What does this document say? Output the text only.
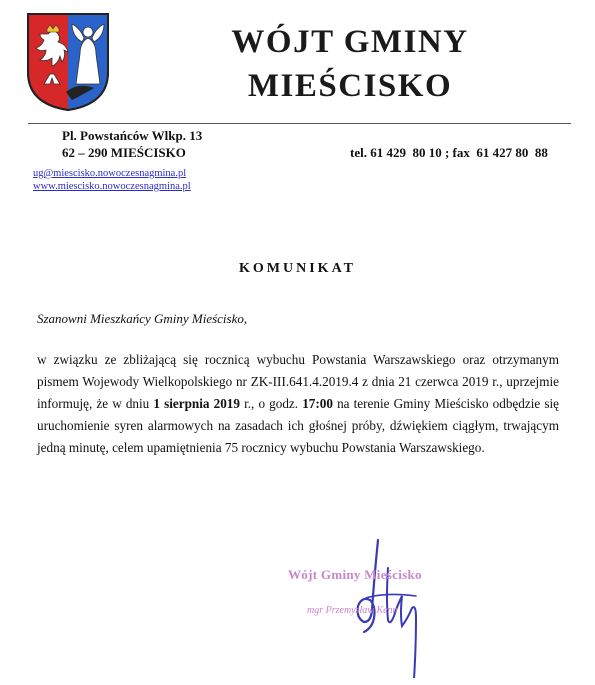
WÓJT GMINY
MIEŚCISKO
Pl. Powstańców Wlkp. 13
62 – 290 MIEŚCISKO	tel. 61 429  80 10 ; fax  61 427 80  88
ug@miescisko.nowoczesnagmina.pl
www.miescisko.nowoczesnagmina.pl
KOMUNIKAT
Szanowni Mieszkańcy Gminy Mieścisko,

w związku ze zbliżającą się rocznicą wybuchu Powstania Warszawskiego oraz otrzymanym pismem Wojewody Wielkopolskiego nr ZK-III.641.4.2019.4 z dnia 21 czerwca 2019 r., uprzejmie informuję, że w dniu 1 sierpnia 2019 r., o godz. 17:00 na terenie Gminy Mieścisko odbędzie się uruchomienie syren alarmowych na zasadach ich głośnej próby, dźwiękiem ciągłym, trwającym jedną minutę, celem upamiętnienia 75 rocznicy wybuchu Powstania Warszawskiego.

Wójt Gminy Mieścisko
mgr Przemysław Kenn
